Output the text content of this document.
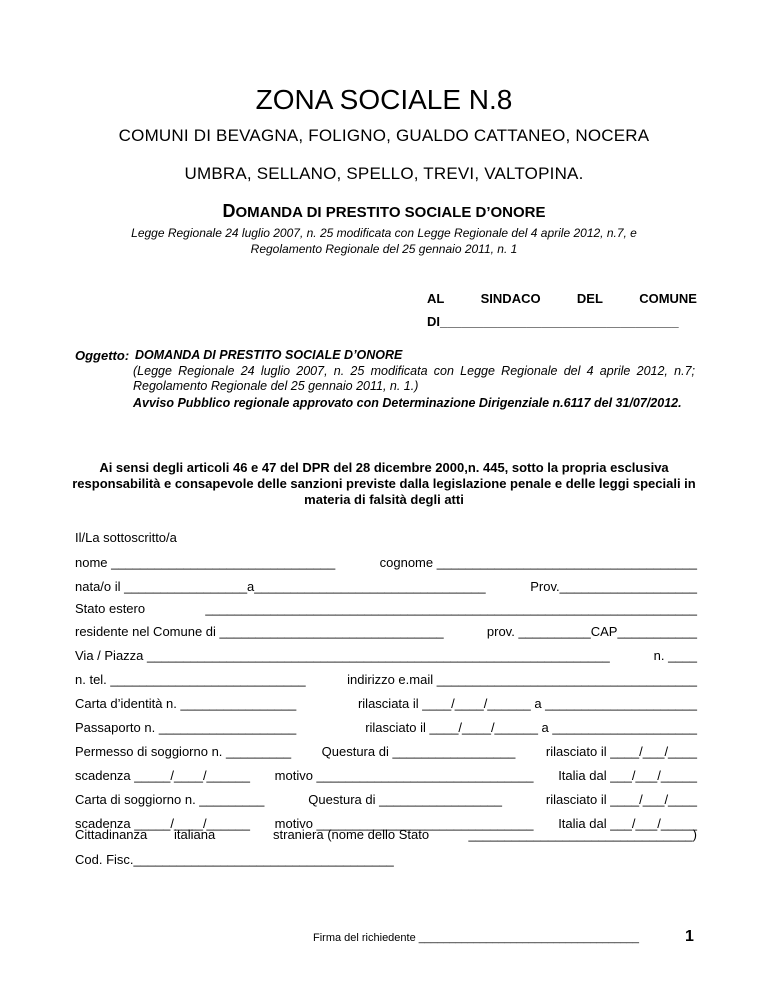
ZONA SOCIALE N.8
COMUNI DI BEVAGNA, FOLIGNO, GUALDO CATTANEO, NOCERA
UMBRA, SELLANO, SPELLO, TREVI, VALTOPINA.
DOMANDA DI PRESTITO SOCIALE D’ONORE
Legge Regionale 24 luglio 2007, n. 25 modificata con Legge Regionale del 4 aprile 2012, n.7, e
Regolamento Regionale del 25 gennaio 2011, n. 1
AL	SINDACO	DEL	COMUNE
DI_________________________________
Oggetto: DOMANDA DI PRESTITO SOCIALE D’ONORE
(Legge Regionale 24 luglio 2007, n. 25 modificata con Legge Regionale del 4 aprile 2012, n.7; Regolamento Regionale del 25 gennaio 2011, n. 1.)
Avviso Pubblico regionale approvato con Determinazione Dirigenziale n.6117 del 31/07/2012.
Ai sensi degli articoli 46 e 47 del DPR del 28 dicembre 2000,n. 445, sotto la propria esclusiva responsabilità e consapevole delle sanzioni previste dalla legislazione penale e delle leggi speciali in materia di falsità degli atti
Il/La sottoscritto/a
nome _______________________________	cognome ____________________________________
nata/o il _________________a________________________________	Prov.___________________
Stato estero	____________________________________________________________________
residente nel Comune di _______________________________	prov. __________CAP___________
Via / Piazza ________________________________________________________________	n. ____
n. tel. ___________________________	indirizzo e.mail ____________________________________
Carta d’identità n. ________________	rilasciata il ____/____/______ a _____________________
Passaporto n. ___________________	rilasciato il ____/____/______ a ____________________
Permesso di soggiorno n. _________ Questura di _________________ rilasciato il ____/___/____
scadenza _____/____/______ motivo ______________________________ Italia dal ___/___/_____
Carta di soggiorno n. _________	Questura di _________________	rilasciato il ____/___/____
scadenza _____/____/______ motivo ______________________________ Italia dal ___/___/_____
Cittadinanza italiana	straniera (nome dello Stato	_______________________________)
Cod. Fisc.____________________________________
Firma del richiedente ____________________________________	1
